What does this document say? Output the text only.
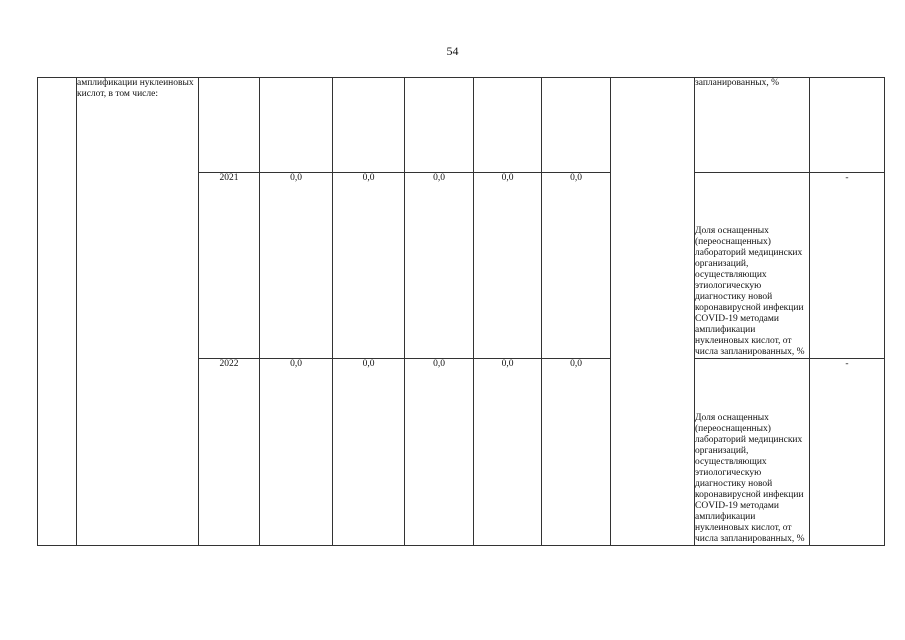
54
	амплификации нуклеиновых кислот, в том числе:								запланированных, %	
		2021	0,0	0,0	0,0	0,0	0,0		Доля оснащенных (переоснащенных) лабораторий медицинских организаций, осуществляющих этиологическую диагностику новой коронавирусной инфекции COVID-19 методами амплификации нуклеиновых кислот, от числа запланированных, %	-
		2022	0,0	0,0	0,0	0,0	0,0		Доля оснащенных (переоснащенных) лабораторий медицинских организаций, осуществляющих этиологическую диагностику новой коронавирусной инфекции COVID-19 методами амплификации нуклеиновых кислот, от числа запланированных, %	-
